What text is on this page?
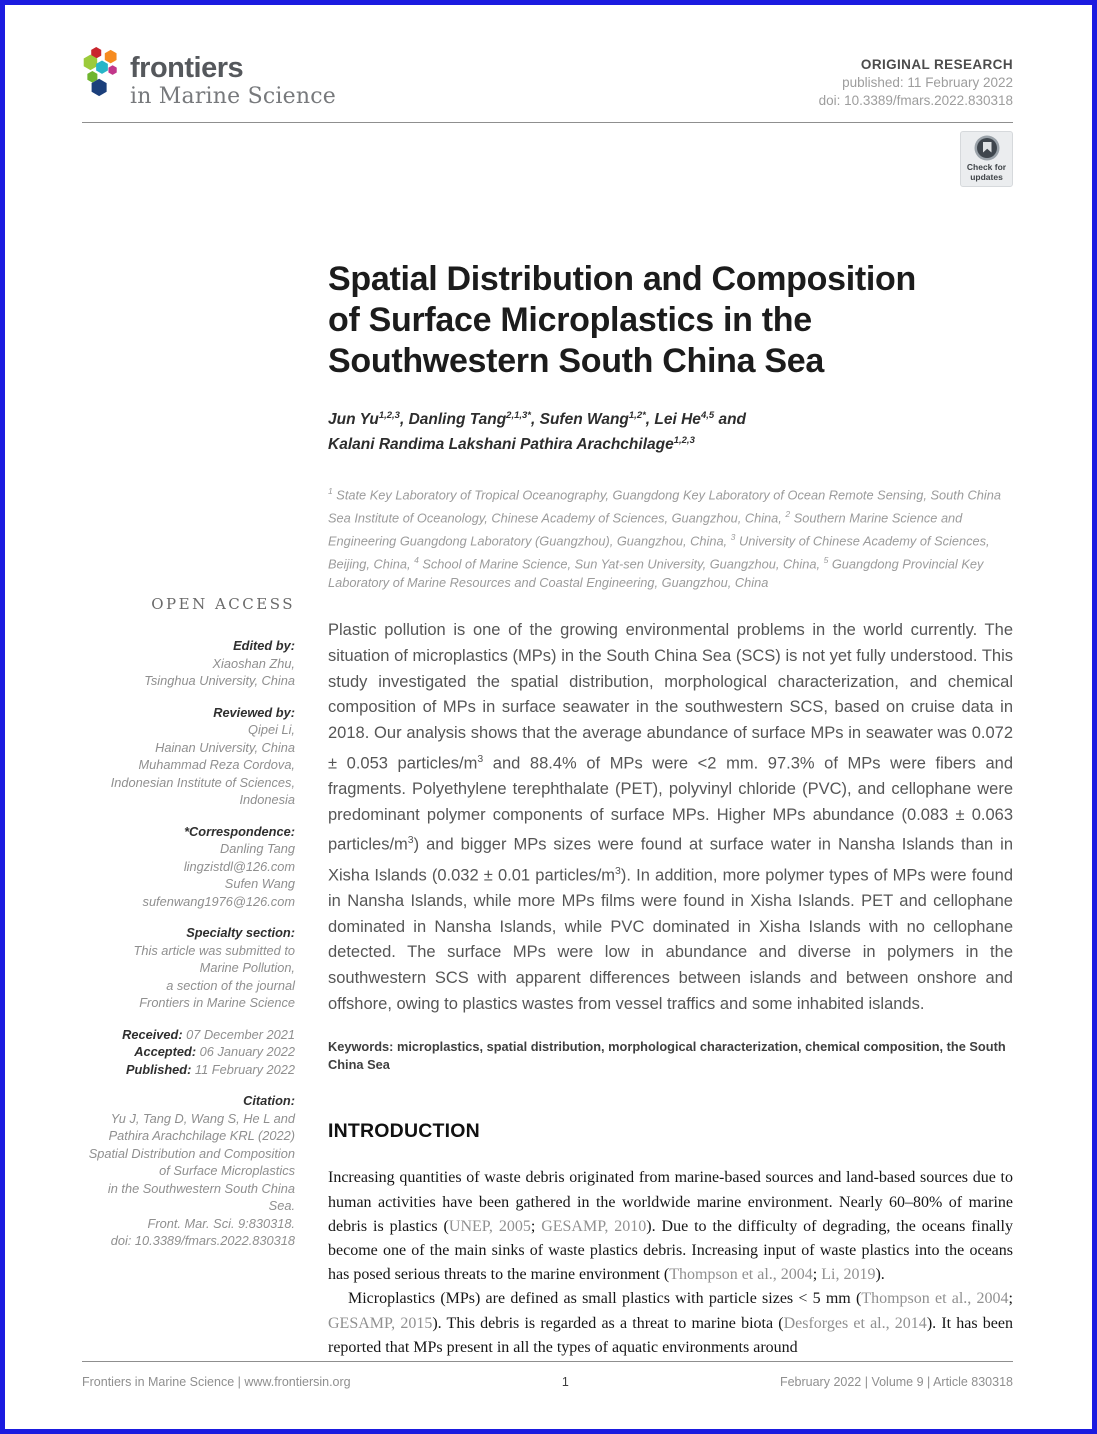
frontiers
in Marine Science
ORIGINAL RESEARCH
published: 11 February 2022
doi: 10.3389/fmars.2022.830318
Check for
updates
OPEN ACCESS
Edited by:
Xiaoshan Zhu,
Tsinghua University, China
Reviewed by:
Qipei Li,
Hainan University, China
Muhammad Reza Cordova,
Indonesian Institute of Sciences,
Indonesia
*Correspondence:
Danling Tang
lingzistdl@126.com
Sufen Wang
sufenwang1976@126.com
Specialty section:
This article was submitted to
Marine Pollution,
a section of the journal
Frontiers in Marine Science
Received: 07 December 2021
Accepted: 06 January 2022
Published: 11 February 2022
Citation:
Yu J, Tang D, Wang S, He L and
Pathira Arachchilage KRL (2022)
Spatial Distribution and Composition
of Surface Microplastics
in the Southwestern South China Sea.
Front. Mar. Sci. 9:830318.
doi: 10.3389/fmars.2022.830318
Spatial Distribution and Composition
of Surface Microplastics in the
Southwestern South China Sea
Jun Yu$^{1,2,3}$, Danling Tang$^{2,1,3*}$, Sufen Wang$^{1,2*}$, Lei He$^{4,5}$ and
Kalani Randima Lakshani Pathira Arachchilage$^{1,2,3}$
$^1$ State Key Laboratory of Tropical Oceanography, Guangdong Key Laboratory of Ocean Remote Sensing, South China Sea Institute of Oceanology, Chinese Academy of Sciences, Guangzhou, China, $^2$ Southern Marine Science and Engineering Guangdong Laboratory (Guangzhou), Guangzhou, China, $^3$ University of Chinese Academy of Sciences, Beijing, China, $^4$ School of Marine Science, Sun Yat-sen University, Guangzhou, China, $^5$ Guangdong Provincial Key Laboratory of Marine Resources and Coastal Engineering, Guangzhou, China

Plastic pollution is one of the growing environmental problems in the world currently. The situation of microplastics (MPs) in the South China Sea (SCS) is not yet fully understood. This study investigated the spatial distribution, morphological characterization, and chemical composition of MPs in surface seawater in the southwestern SCS, based on cruise data in 2018. Our analysis shows that the average abundance of surface MPs in seawater was 0.072 ± 0.053 particles/$m^3$ and 88.4% of MPs were <2 mm. 97.3% of MPs were fibers and fragments. Polyethylene terephthalate (PET), polyvinyl chloride (PVC), and cellophane were predominant polymer components of surface MPs. Higher MPs abundance (0.083 ± 0.063 particles/$m^3$) and bigger MPs sizes were found at surface water in Nansha Islands than in Xisha Islands (0.032 ± 0.01 particles/$m^3$). In addition, more polymer types of MPs were found in Nansha Islands, while more MPs films were found in Xisha Islands. PET and cellophane dominated in Nansha Islands, while PVC dominated in Xisha Islands with no cellophane detected. The surface MPs were low in abundance and diverse in polymers in the southwestern SCS with apparent differences between islands and between onshore and offshore, owing to plastics wastes from vessel traffics and some inhabited islands.

Keywords: microplastics, spatial distribution, morphological characterization, chemical composition, the South China Sea

INTRODUCTION

Increasing quantities of waste debris originated from marine-based sources and land-based sources due to human activities have been gathered in the worldwide marine environment. Nearly 60–80% of marine debris is plastics (UNEP, 2005; GESAMP, 2010). Due to the difficulty of degrading, the oceans finally become one of the main sinks of waste plastics debris. Increasing input of waste plastics into the oceans has posed serious threats to the marine environment (Thompson et al., 2004; Li, 2019).

Microplastics (MPs) are defined as small plastics with particle sizes < 5 mm (Thompson et al., 2004; GESAMP, 2015). This debris is regarded as a threat to marine biota (Desforges et al., 2014). It has been reported that MPs present in all the types of aquatic environments around

Frontiers in Marine Science | www.frontiersin.org	1	February 2022 | Volume 9 | Article 830318
